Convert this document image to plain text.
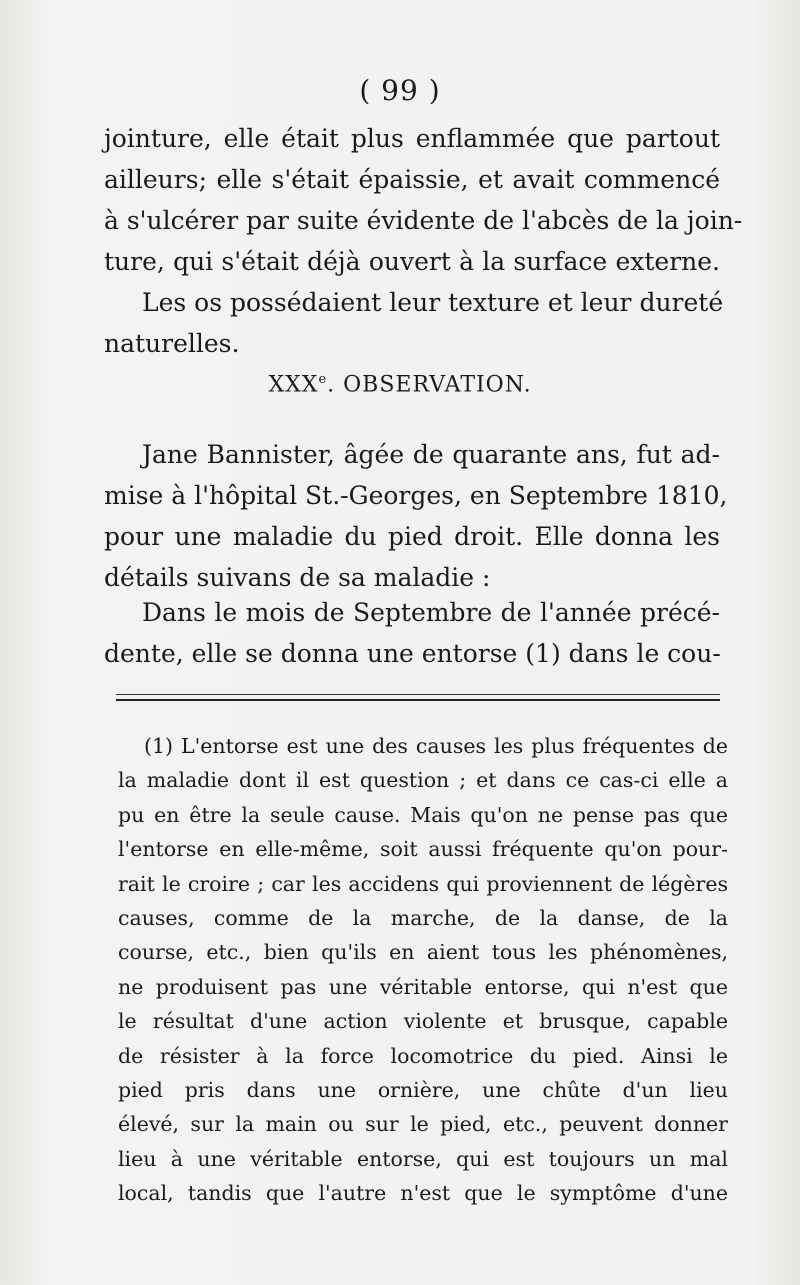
( 99 )
jointure, elle était plus enflammée que partout
ailleurs; elle s'était épaissie, et avait commencé
à s'ulcérer par suite évidente de l'abcès de la join-
ture, qui s'était déjà ouvert à la surface externe.
Les os possédaient leur texture et leur dureté
naturelles.
XXXe. OBSERVATION.
Jane Bannister, âgée de quarante ans, fut ad-
mise à l'hôpital St.-Georges, en Septembre 1810,
pour une maladie du pied droit. Elle donna les
détails suivans de sa maladie :
Dans le mois de Septembre de l'année précé-
dente, elle se donna une entorse (1) dans le cou-
(1) L'entorse est une des causes les plus fréquentes de
la maladie dont il est question ; et dans ce cas-ci elle a
pu en être la seule cause. Mais qu'on ne pense pas que
l'entorse en elle-même, soit aussi fréquente qu'on pour-
rait le croire ; car les accidens qui proviennent de légères
causes, comme de la marche, de la danse, de la
course, etc., bien qu'ils en aient tous les phénomènes,
ne produisent pas une véritable entorse, qui n'est que
le résultat d'une action violente et brusque, capable
de résister à la force locomotrice du pied. Ainsi le
pied pris dans une ornière, une chûte d'un lieu
élevé, sur la main ou sur le pied, etc., peuvent donner
lieu à une véritable entorse, qui est toujours un mal
local, tandis que l'autre n'est que le symptôme d'une
